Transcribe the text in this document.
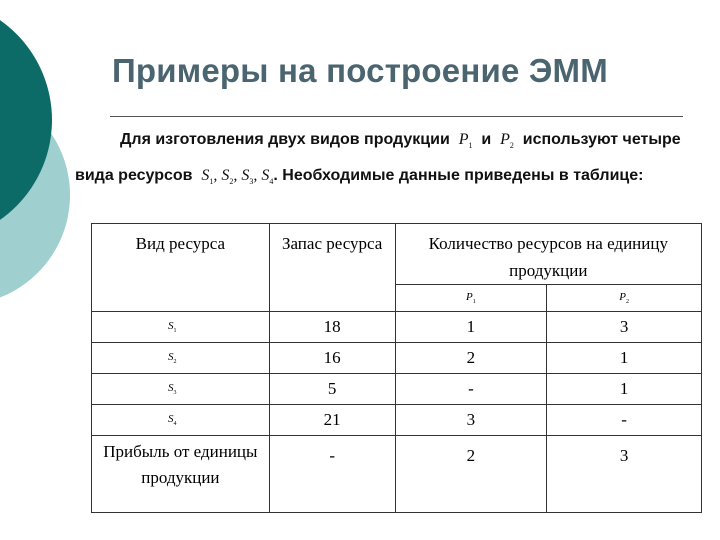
Примеры на построение ЭММ
Для изготовления двух видов продукции $P_1$ и $P_2$ используют четыре
вида ресурсов $S_1$, $S_2$, $S_3$, $S_4$. Необходимые данные приведены в таблице:
Вид ресурса	Запас ресурса	Количество ресурсов на единицу продукции	
		$P_1$	$P_2$
$S_1$	18	1	3
$S_2$	16	2	1
$S_3$	5	-	1
$S_4$	21	3	-
Прибыль от единицы продукции	-	2	3
